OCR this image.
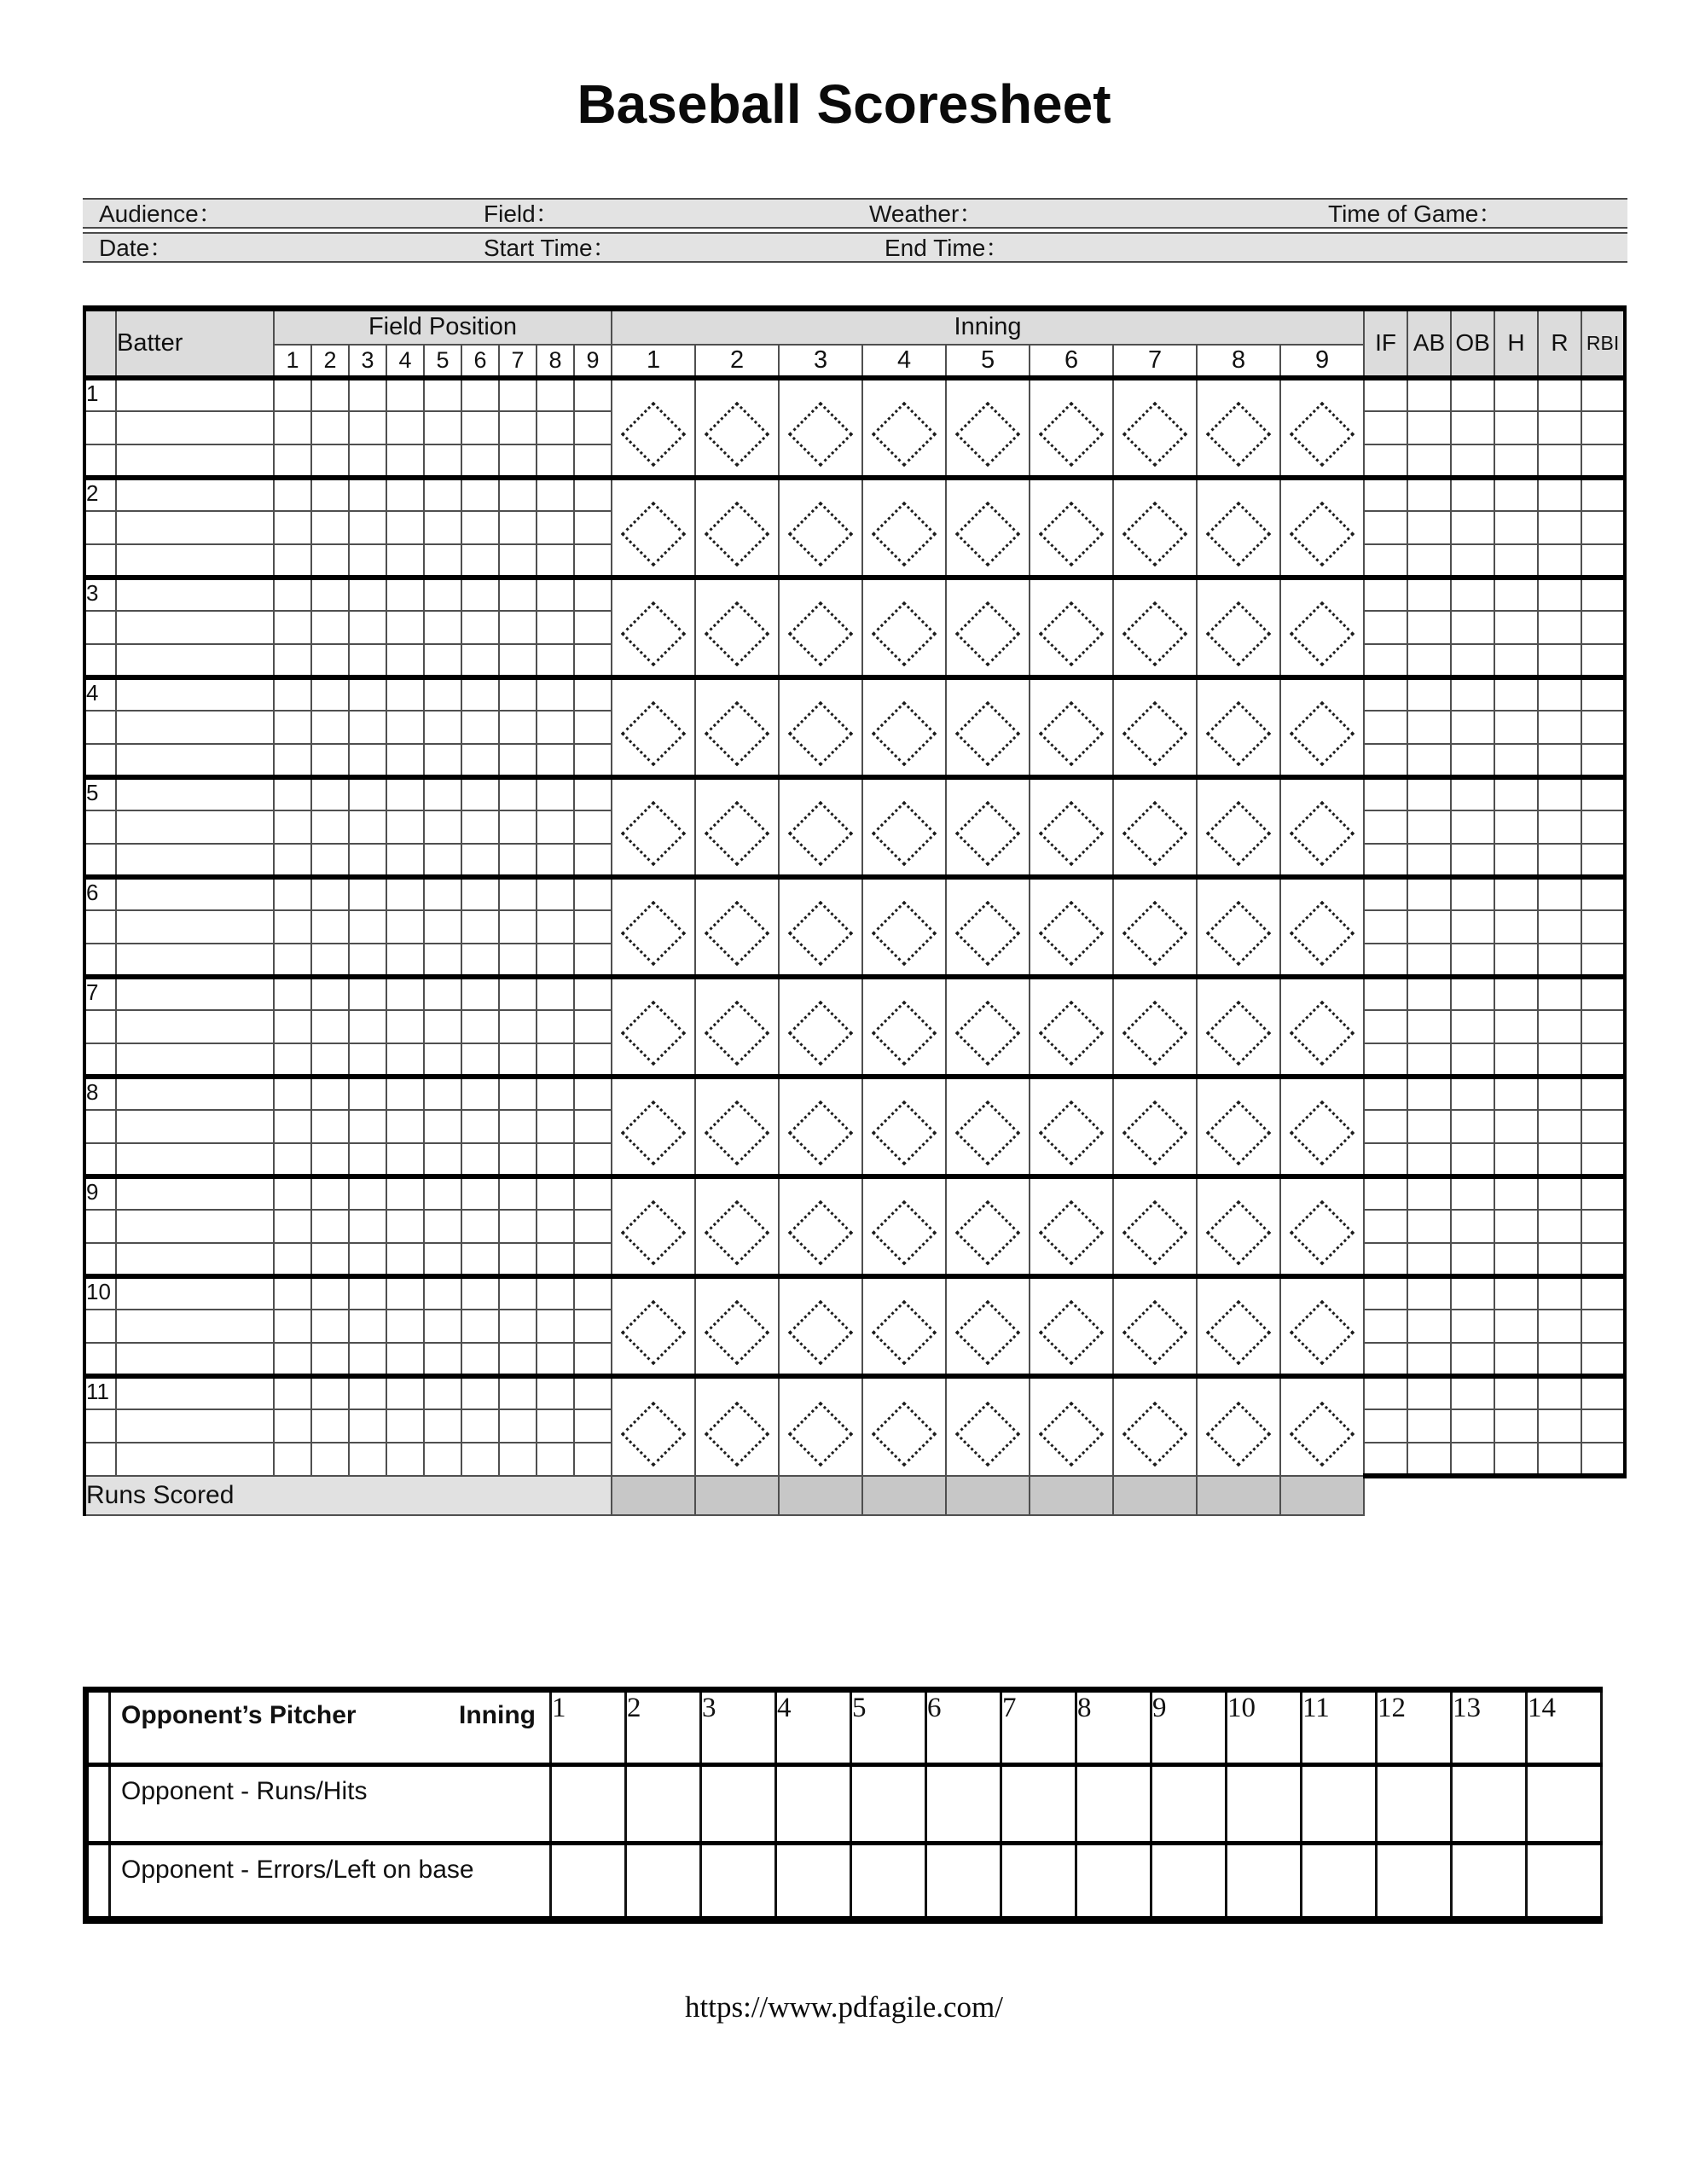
Baseball Scoresheet
Audience：	Field：	Weather：	Time of Game：
Date：	Start Time：	End Time：
	Batter	Field Position									Inning									IF	AB	OB	H	R	RBI
		1	2	3	4	5	6	7	8	9	1	2	3	4	5	6	7	8	9						
1																									

2																									

3																									

4																									

5																									

6																									

7																									

8																									

9																									

10																									

11																									

Runs Scored																									

	Opponent’s Pitcher Inning	1	2	3	4	5	6	7	8	9	10	11	12	13	14
	Opponent - Runs/Hits														
	Opponent - Errors/Left on base														
https://www.pdfagile.com/
